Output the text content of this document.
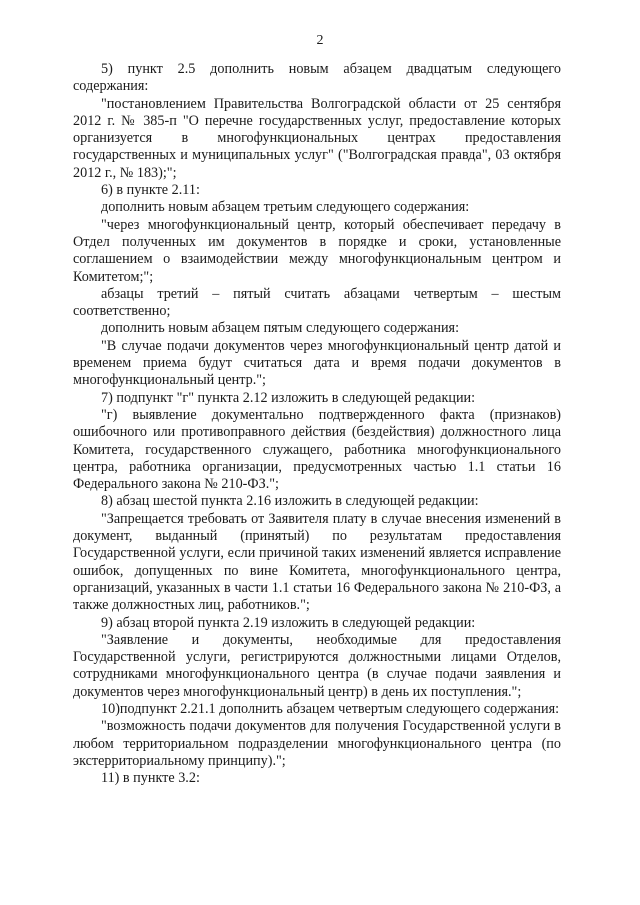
2

5) пункт 2.5 дополнить новым абзацем двадцатым следующего содержания:

"постановлением Правительства Волгоградской области от 25 сентября 2012 г. № 385-п "О перечне государственных услуг, предоставление которых организуется в многофункциональных центрах предоставления государственных и муниципальных услуг" ("Волгоградская правда", 03 октября 2012 г., № 183);";

6) в пункте 2.11:

дополнить новым абзацем третьим следующего содержания:

"через многофункциональный центр, который обеспечивает передачу в Отдел полученных им документов в порядке и сроки, установленные соглашением о взаимодействии между многофункциональным центром и Комитетом;";

абзацы третий – пятый считать абзацами четвертым – шестым соответственно;

дополнить новым абзацем пятым следующего содержания:

"В случае подачи документов через многофункциональный центр датой и временем приема будут считаться дата и время подачи документов в многофункциональный центр.";

7) подпункт "г" пункта 2.12 изложить в следующей редакции:

"г) выявление документально подтвержденного факта (признаков) ошибочного или противоправного действия (бездействия) должностного лица Комитета, государственного служащего, работника многофункционального центра, работника организации, предусмотренных частью 1.1 статьи 16 Федерального закона № 210-ФЗ.";

8) абзац шестой пункта 2.16 изложить в следующей редакции:

"Запрещается требовать от Заявителя плату в случае внесения изменений в документ, выданный (принятый) по результатам предоставления Государственной услуги, если причиной таких изменений является исправление ошибок, допущенных по вине Комитета, многофункционального центра, организаций, указанных в части 1.1 статьи 16 Федерального закона № 210-ФЗ, а также должностных лиц, работников.";

9) абзац второй пункта 2.19 изложить в следующей редакции:

"Заявление и документы, необходимые для предоставления Государственной услуги, регистрируются должностными лицами Отделов, сотрудниками многофункционального центра (в случае подачи заявления и документов через многофункциональный центр) в день их поступления.";

10)подпункт 2.21.1 дополнить абзацем четвертым следующего содержания:

"возможность подачи документов для получения Государственной услуги в любом территориальном подразделении многофункционального центра (по экстерриториальному принципу).";

11) в пункте 3.2:
